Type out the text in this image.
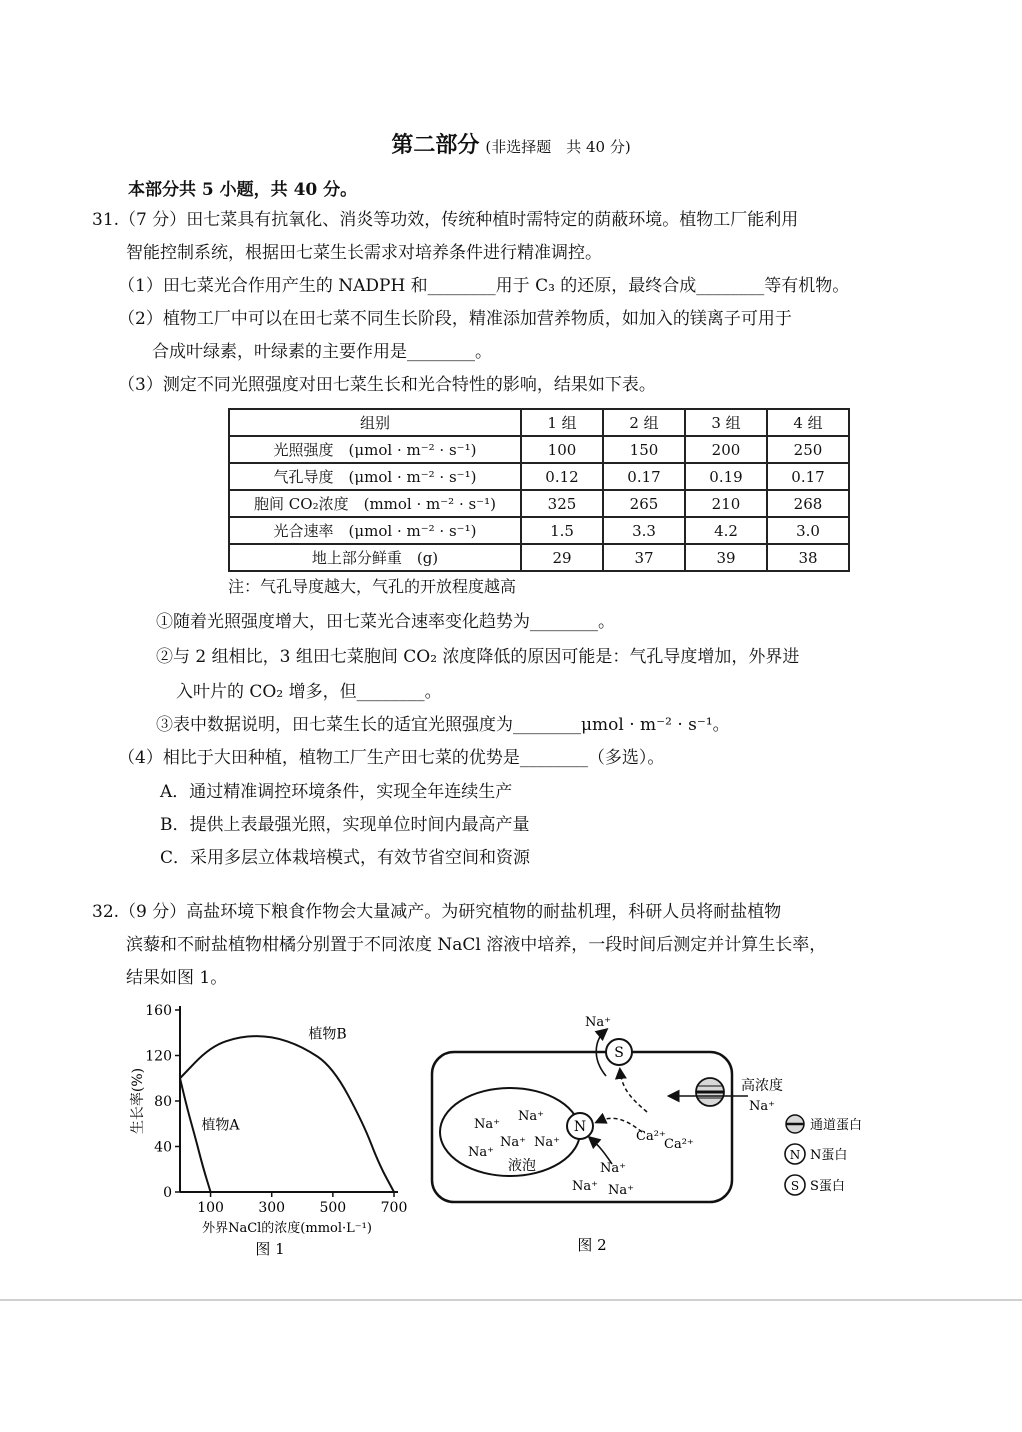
第二部分 (非选择题　共 40 分)
本部分共 5 小题，共 40 分。
31.（7 分）田七菜具有抗氧化、消炎等功效，传统种植时需特定的荫蔽环境。植物工厂能利用
智能控制系统，根据田七菜生长需求对培养条件进行精准调控。
（1）田七菜光合作用产生的 NADPH 和________用于 C₃ 的还原，最终合成________等有机物。
（2）植物工厂中可以在田七菜不同生长阶段，精准添加营养物质，如加入的镁离子可用于
合成叶绿素，叶绿素的主要作用是________。
（3）测定不同光照强度对田七菜生长和光合特性的影响，结果如下表。
组别	1 组	2 组	3 组	4 组
光照强度　(μmol · m⁻² · s⁻¹)	100	150	200	250
气孔导度　(μmol · m⁻² · s⁻¹)	0.12	0.17	0.19	0.17
胞间 CO₂浓度　(mmol · m⁻² · s⁻¹)	325	265	210	268
光合速率　(μmol · m⁻² · s⁻¹)	1.5	3.3	4.2	3.0
地上部分鲜重　(g)	29	37	39	38
注：气孔导度越大，气孔的开放程度越高
①随着光照强度增大，田七菜光合速率变化趋势为________。
②与 2 组相比，3 组田七菜胞间 CO₂ 浓度降低的原因可能是：气孔导度增加，外界进
入叶片的 CO₂ 增多，但________。
③表中数据说明，田七菜生长的适宜光照强度为________μmol · m⁻² · s⁻¹。
（4）相比于大田种植，植物工厂生产田七菜的优势是________（多选）。
A．通过精准调控环境条件，实现全年连续生产
B．提供上表最强光照，实现单位时间内最高产量
C．采用多层立体栽培模式，有效节省空间和资源
32.（9 分）高盐环境下粮食作物会大量减产。为研究植物的耐盐机理，科研人员将耐盐植物
滨藜和不耐盐植物柑橘分别置于不同浓度 NaCl 溶液中培养，一段时间后测定并计算生长率，
结果如图 1。
0
40
80
120
160
100 300 500 700
植物B
植物A
生长率(%)
外界NaCl的浓度(mmol·L⁻¹)
图 1
S
Na⁺
N
高浓度
Na⁺
Na⁺
Na⁺
Na⁺
Na⁺ Na⁺
液泡
Ca²⁺
Ca²⁺
Na⁺
Na⁺ Na⁺
通道蛋白
N N蛋白
S S蛋白
图 2
